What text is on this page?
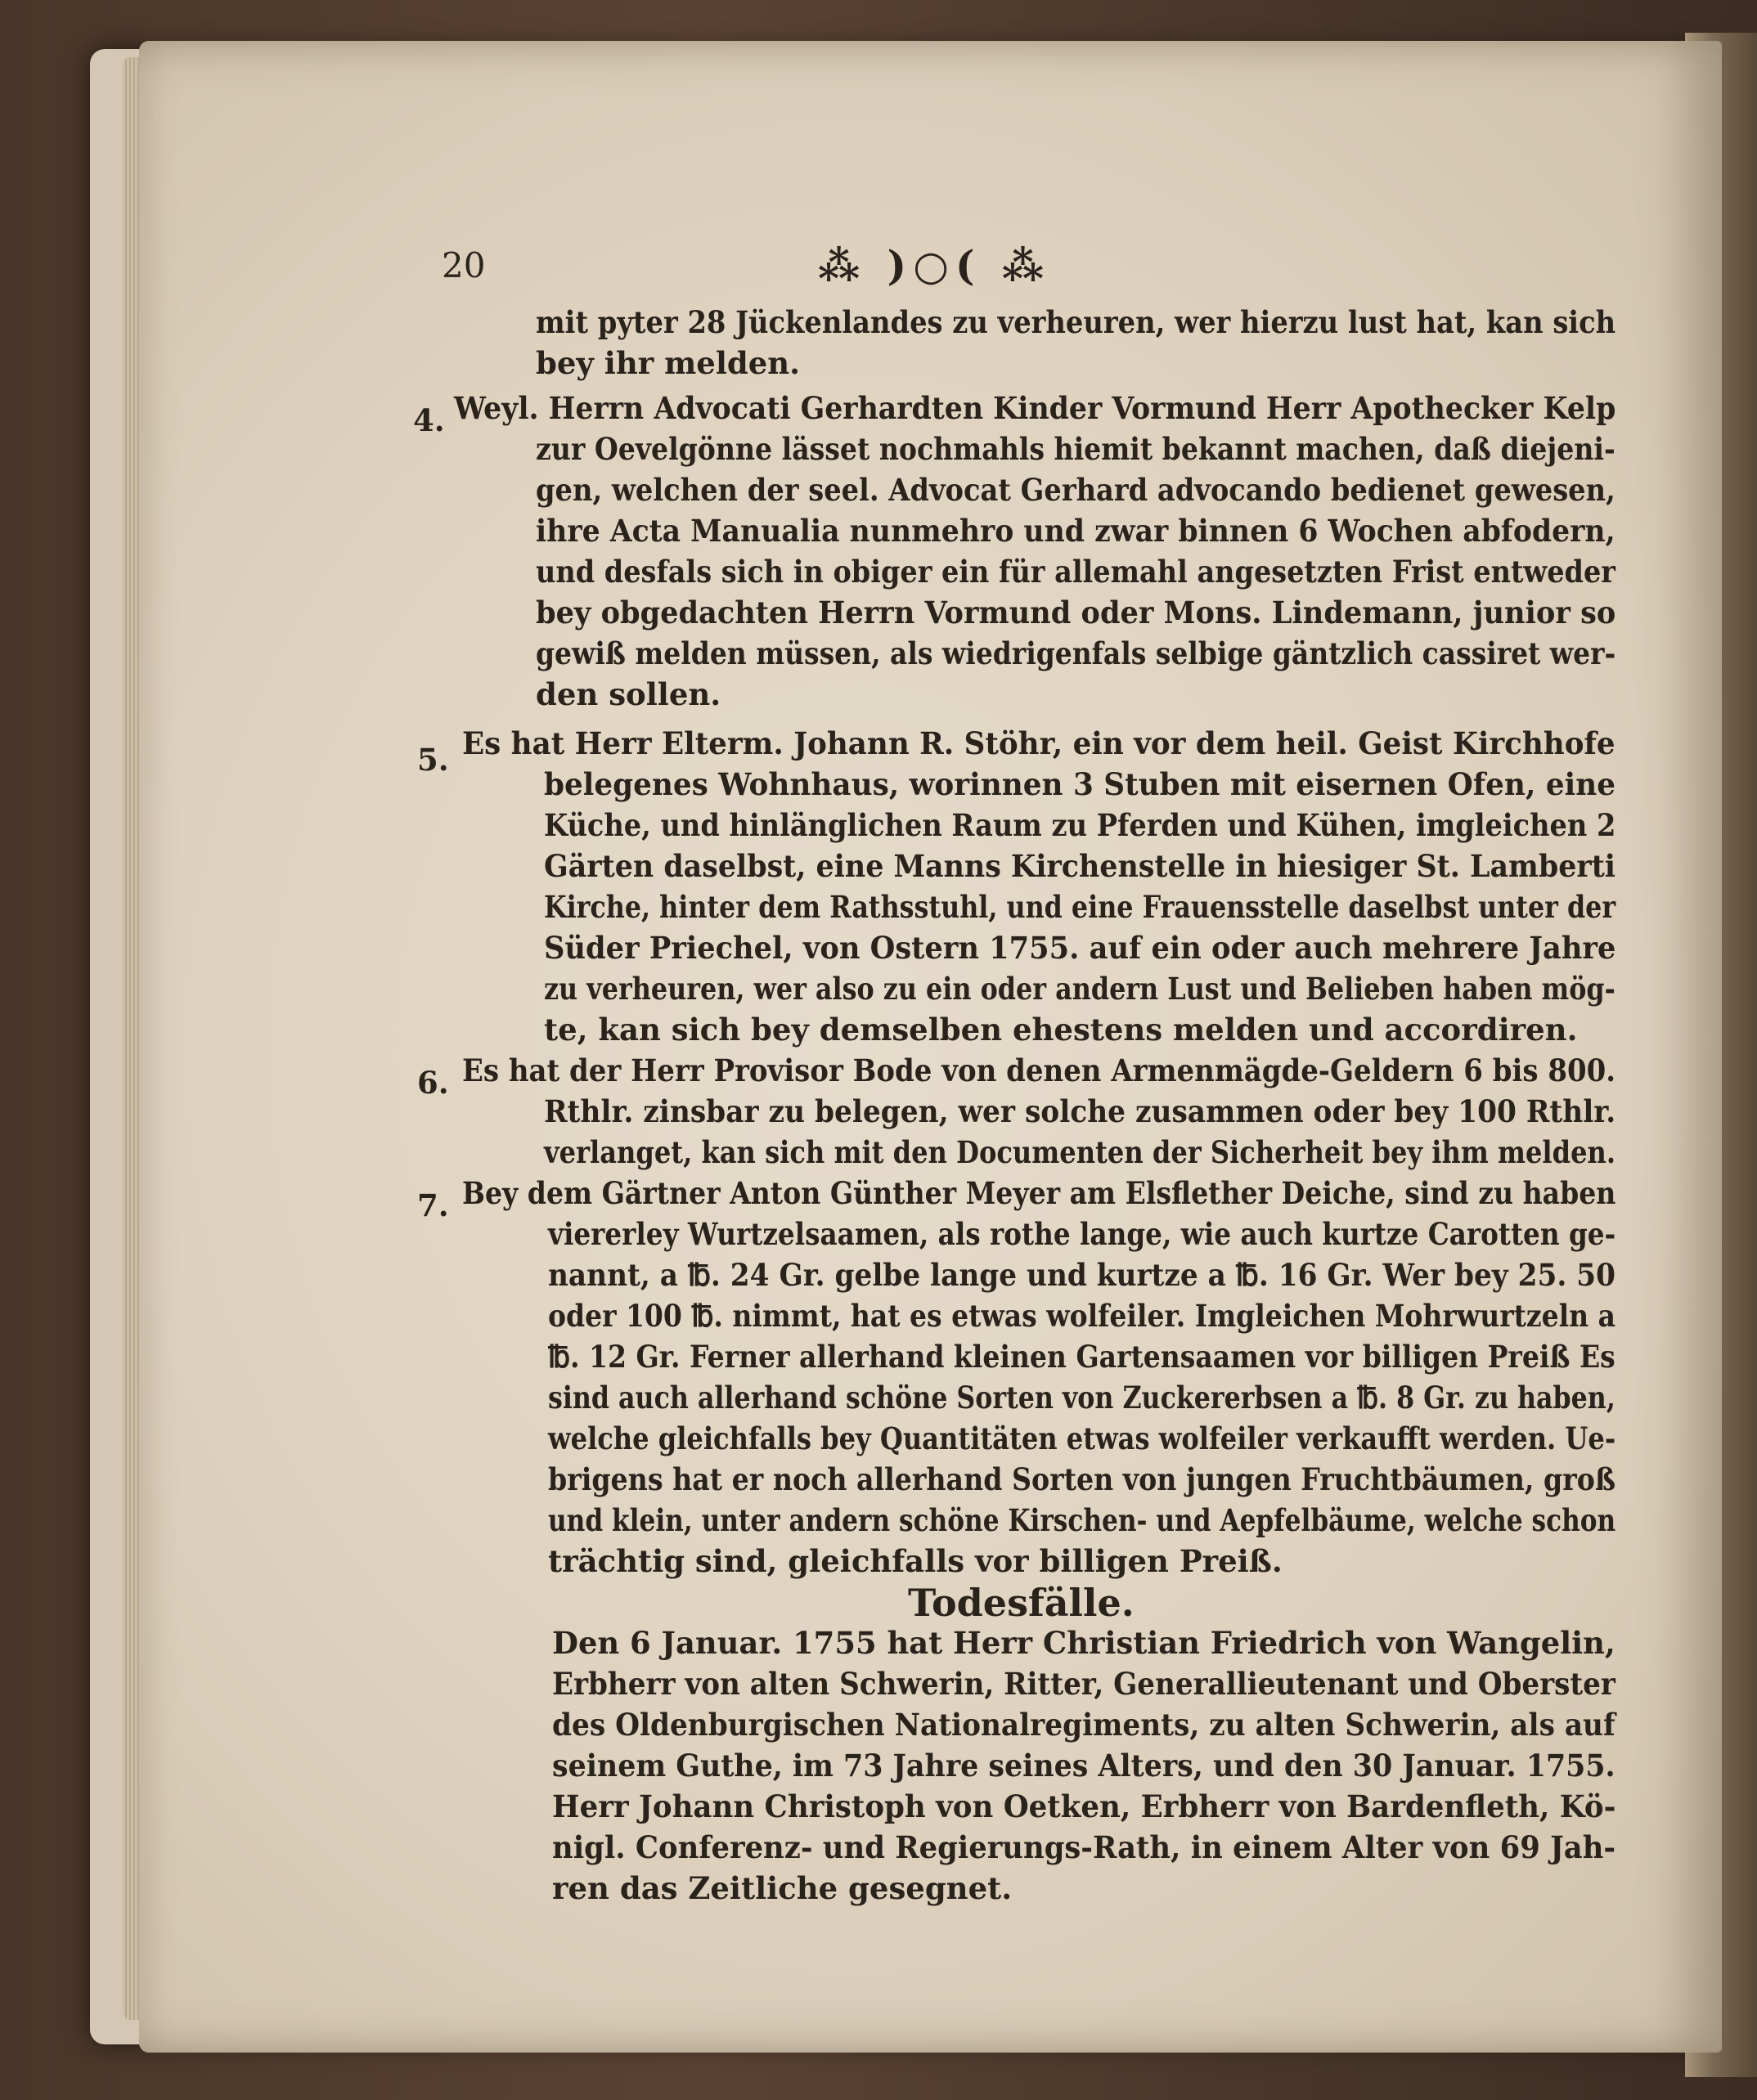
20	⁂ )○( ⁂
mit pyter 28 Jückenlandes zu verheuren, wer hierzu lust hat, kan sich
bey ihr melden.
4. Weyl. Herrn Advocati Gerhardten Kinder Vormund Herr Apothecker Kelp
zur Oevelgönne lässet nochmahls hiemit bekannt machen, daß diejeni-
gen, welchen der seel. Advocat Gerhard advocando bedienet gewesen,
ihre Acta Manualia nunmehro und zwar binnen 6 Wochen abfodern,
und desfals sich in obiger ein für allemahl angesetzten Frist entweder
bey obgedachten Herrn Vormund oder Mons. Lindemann, junior so
gewiß melden müssen, als wiedrigenfals selbige gäntzlich cassiret wer-
den sollen.
5. Es hat Herr Elterm. Johann R. Stöhr, ein vor dem heil. Geist Kirchhofe
belegenes Wohnhaus, worinnen 3 Stuben mit eisernen Ofen, eine
Küche, und hinlänglichen Raum zu Pferden und Kühen, imgleichen 2
Gärten daselbst, eine Manns Kirchenstelle in hiesiger St. Lamberti
Kirche, hinter dem Rathsstuhl, und eine Frauensstelle daselbst unter der
Süder Priechel, von Ostern 1755. auf ein oder auch mehrere Jahre
zu verheuren, wer also zu ein oder andern Lust und Belieben haben mög-
te, kan sich bey demselben ehestens melden und accordiren.
6. Es hat der Herr Provisor Bode von denen Armenmägde-Geldern 6 bis 800.
Rthlr. zinsbar zu belegen, wer solche zusammen oder bey 100 Rthlr.
verlanget, kan sich mit den Documenten der Sicherheit bey ihm melden.
7. Bey dem Gärtner Anton Günther Meyer am Elsflether Deiche, sind zu haben
viererley Wurtzelsaamen, als rothe lange, wie auch kurtze Carotten ge-
nannt, a ℔. 24 Gr. gelbe lange und kurtze a ℔. 16 Gr. Wer bey 25. 50
oder 100 ℔. nimmt, hat es etwas wolfeiler. Imgleichen Mohrwurtzeln a
℔. 12 Gr. Ferner allerhand kleinen Gartensaamen vor billigen Preiß Es
sind auch allerhand schöne Sorten von Zuckererbsen a ℔. 8 Gr. zu haben,
welche gleichfalls bey Quantitäten etwas wolfeiler verkaufft werden. Ue-
brigens hat er noch allerhand Sorten von jungen Fruchtbäumen, groß
und klein, unter andern schöne Kirschen- und Aepfelbäume, welche schon
trächtig sind, gleichfalls vor billigen Preiß.
Den 6 Januar. 1755 hat Herr Christian Friedrich von Wangelin,
Erbherr von alten Schwerin, Ritter, Generallieutenant und Oberster
des Oldenburgischen Nationalregiments, zu alten Schwerin, als auf
seinem Guthe, im 73 Jahre seines Alters, und den 30 Januar. 1755.
Herr Johann Christoph von Oetken, Erbherr von Bardenfleth, Kö-
nigl. Conferenz- und Regierungs-Rath, in einem Alter von 69 Jah-
ren das Zeitliche gesegnet.
Todesfälle.
